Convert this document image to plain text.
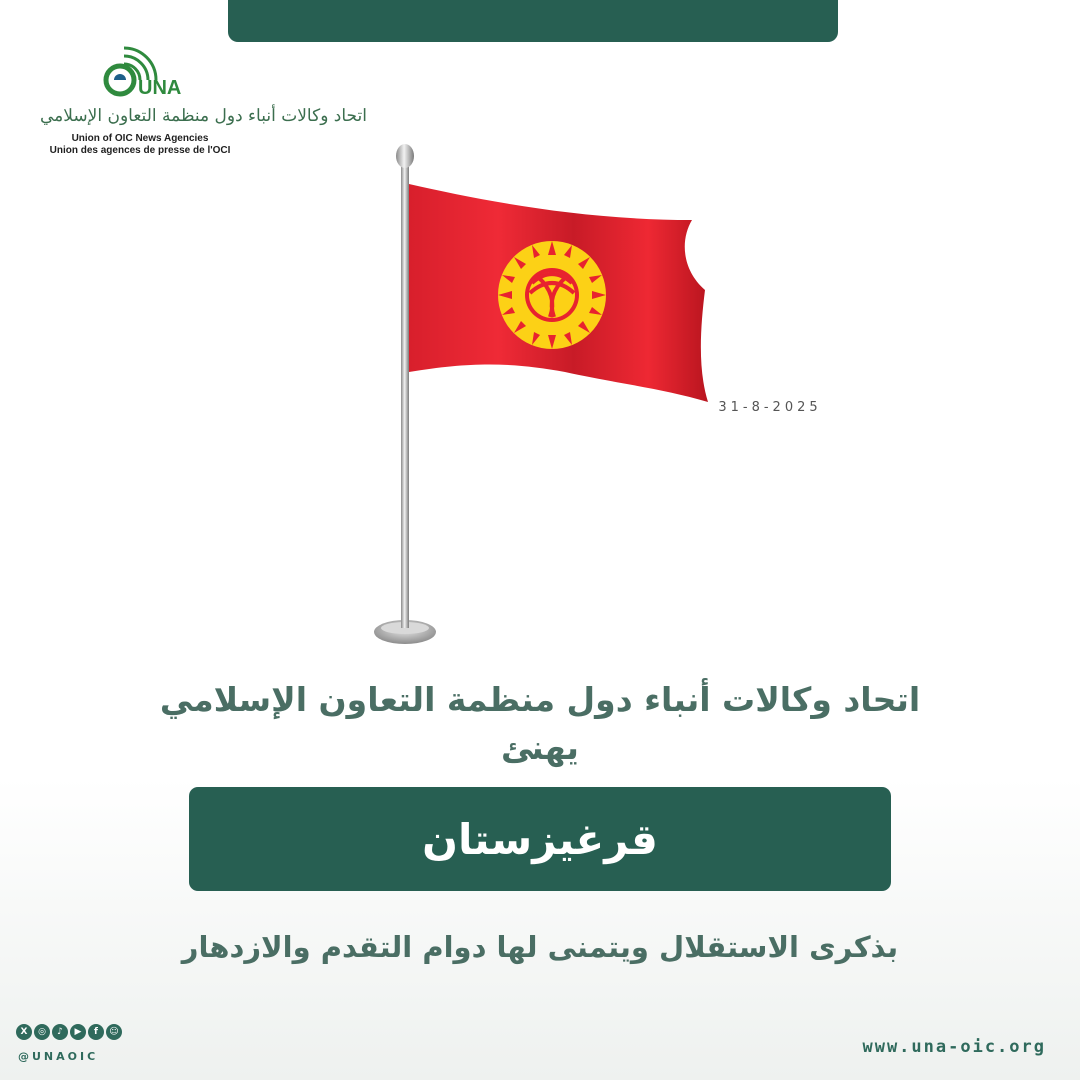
UNA
اتحاد وكالات أنباء دول منظمة التعاون الإسلامي
Union of OIC News Agencies
Union des agences de presse de l'OCI
31-8-2025
اتحاد وكالات أنباء دول منظمة التعاون الإسلامي
يهنئ
قرغيزستان
بذكرى الاستقلال ويتمنى لها دوام التقدم والازدهار
X	◎	♪	▶	f	☺
@UNAOIC	www.una-oic.org
